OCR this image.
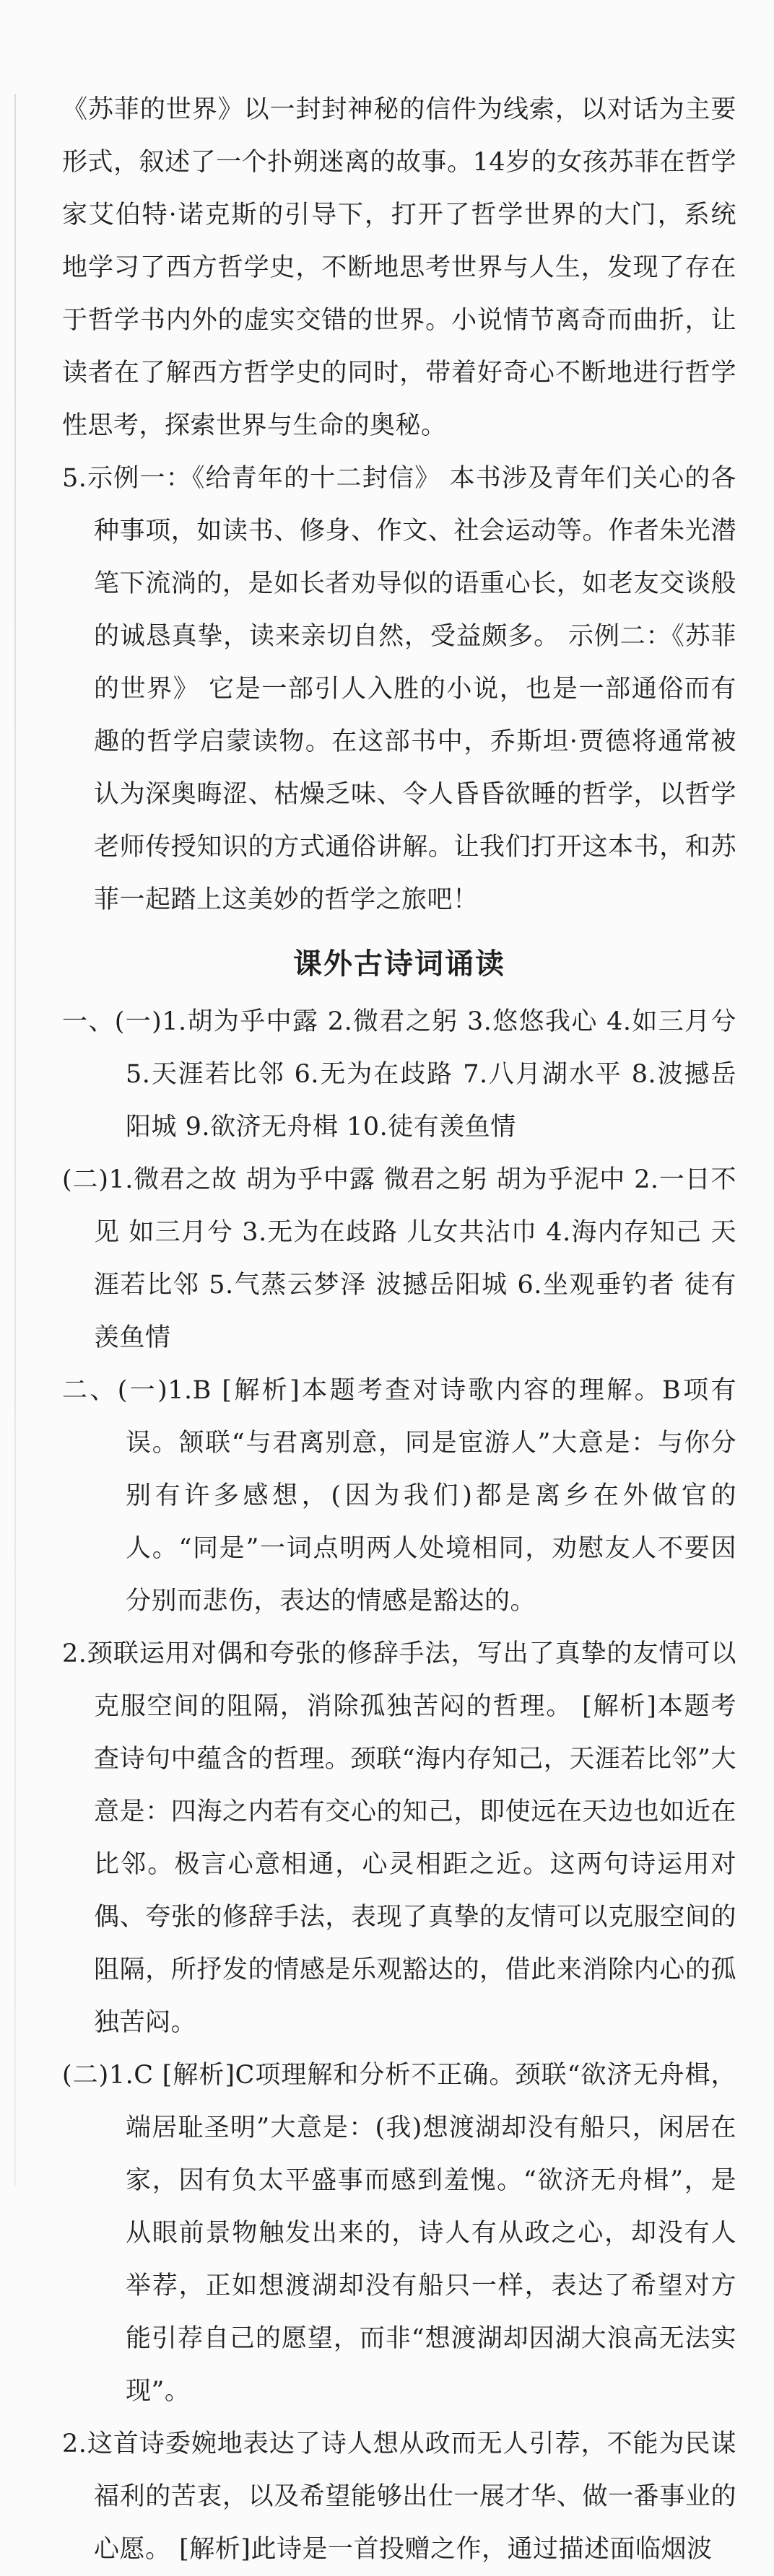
《苏菲的世界》以一封封神秘的信件为线索，以对话为主要形式，叙述了一个扑朔迷离的故事。14岁的女孩苏菲在哲学家艾伯特·诺克斯的引导下，打开了哲学世界的大门，系统地学习了西方哲学史，不断地思考世界与人生，发现了存在于哲学书内外的虚实交错的世界。小说情节离奇而曲折，让读者在了解西方哲学史的同时，带着好奇心不断地进行哲学性思考，探索世界与生命的奥秘。

5.示例一：《给青年的十二封信》 本书涉及青年们关心的各种事项，如读书、修身、作文、社会运动等。作者朱光潜笔下流淌的，是如长者劝导似的语重心长，如老友交谈般的诚恳真挚，读来亲切自然，受益颇多。 示例二：《苏菲的世界》 它是一部引人入胜的小说，也是一部通俗而有趣的哲学启蒙读物。在这部书中，乔斯坦·贾德将通常被认为深奥晦涩、枯燥乏味、令人昏昏欲睡的哲学，以哲学老师传授知识的方式通俗讲解。让我们打开这本书，和苏菲一起踏上这美妙的哲学之旅吧！

课外古诗词诵读

一、(一)1.胡为乎中露 2.微君之躬 3.悠悠我心 4.如三月兮 5.天涯若比邻 6.无为在歧路 7.八月湖水平 8.波撼岳阳城 9.欲济无舟楫 10.徒有羡鱼情

(二)1.微君之故 胡为乎中露 微君之躬 胡为乎泥中 2.一日不见 如三月兮 3.无为在歧路 儿女共沾巾 4.海内存知己 天涯若比邻 5.气蒸云梦泽 波撼岳阳城 6.坐观垂钓者 徒有羡鱼情

二、(一)1.B [解析]本题考查对诗歌内容的理解。B项有误。颔联“与君离别意，同是宦游人”大意是：与你分别有许多感想，(因为我们)都是离乡在外做官的人。“同是”一词点明两人处境相同，劝慰友人不要因分别而悲伤，表达的情感是豁达的。

2.颈联运用对偶和夸张的修辞手法，写出了真挚的友情可以克服空间的阻隔，消除孤独苦闷的哲理。 [解析]本题考查诗句中蕴含的哲理。颈联“海内存知己，天涯若比邻”大意是：四海之内若有交心的知己，即使远在天边也如近在比邻。极言心意相通，心灵相距之近。这两句诗运用对偶、夸张的修辞手法，表现了真挚的友情可以克服空间的阻隔，所抒发的情感是乐观豁达的，借此来消除内心的孤独苦闷。

(二)1.C [解析]C项理解和分析不正确。颈联“欲济无舟楫，端居耻圣明”大意是：(我)想渡湖却没有船只，闲居在家，因有负太平盛事而感到羞愧。“欲济无舟楫”，是从眼前景物触发出来的，诗人有从政之心，却没有人举荐，正如想渡湖却没有船只一样，表达了希望对方能引荐自己的愿望，而非“想渡湖却因湖大浪高无法实现”。

2.这首诗委婉地表达了诗人想从政而无人引荐，不能为民谋福利的苦衷，以及希望能够出仕一展才华、做一番事业的心愿。 [解析]此诗是一首投赠之作，通过描述面临烟波
